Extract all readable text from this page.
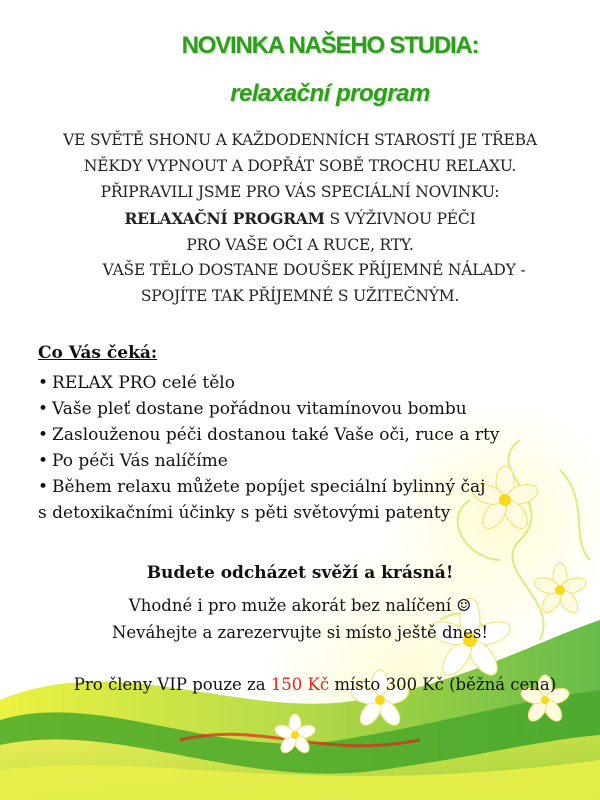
NOVINKA NAŠEHO STUDIA:
relaxační program
VE SVĚTĚ SHONU A KAŽDODENNÍCH STAROSTÍ JE TŘEBA
NĚKDY VYPNOUT A DOPŘÁT SOBĚ TROCHU RELAXU.
PŘIPRAVILI JSME PRO VÁS SPECIÁLNÍ NOVINKU:
RELAXAČNÍ PROGRAM S VÝŽIVNOU PÉČI
PRO VAŠE OČI A RUCE, RTY.
VAŠE TĚLO DOSTANE DOUŠEK PŘÍJEMNÉ NÁLADY -
SPOJÍTE TAK PŘÍJEMNÉ S UŽITEČNÝM.
Co Vás čeká:
• RELAX PRO celé tělo
• Vaše pleť dostane pořádnou vitamínovou bombu
• Zaslouženou péči dostanou také Vaše oči, ruce a rty
• Po péči Vás nalíčíme
• Během relaxu můžete popíjet speciální bylinný čaj
s detoxikačními účinky s pěti světovými patenty
Budete odcházet svěží a krásná!
Vhodné i pro muže akorát bez nalíčení ☺
Neváhejte a zarezervujte si místo ještě dnes!
Pro členy VIP pouze za 150 Kč místo 300 Kč (běžná cena)
